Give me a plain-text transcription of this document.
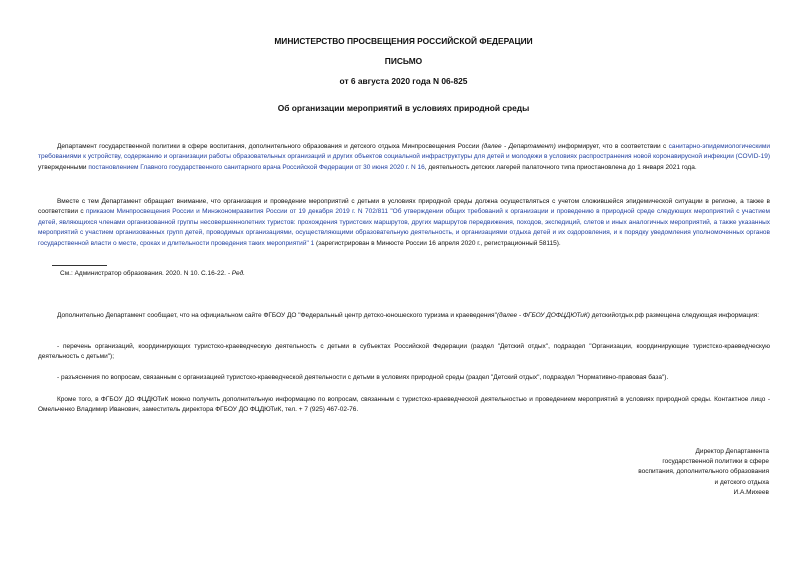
МИНИСТЕРСТВО ПРОСВЕЩЕНИЯ РОССИЙСКОЙ ФЕДЕРАЦИИ
ПИСЬМО
от 6 августа 2020 года N 06-825
Об организации мероприятий в условиях природной среды

Департамент государственной политики в сфере воспитания, дополнительного образования и детского отдыха Минпросвещения России (далее - Департамент) информирует, что в соответствии с санитарно-эпидемиологическими требованиями к устройству, содержанию и организации работы образовательных организаций и других объектов социальной инфраструктуры для детей и молодежи в условиях распространения новой коронавирусной инфекции (COVID-19) утвержденными постановлением Главного государственного санитарного врача Российской Федерации от 30 июня 2020 г. N 16, деятельность детских лагерей палаточного типа приостановлена до 1 января 2021 года.

Вместе с тем Департамент обращает внимание, что организация и проведение мероприятий с детьми в условиях природной среды должна осуществляться с учетом сложившейся эпидемической ситуации в регионе, а также в соответствии с приказом Минпросвещения России и Минэкономразвития России от 19 декабря 2019 г. N 702/811 "Об утверждении общих требований к организации и проведению в природной среде следующих мероприятий с участием детей, являющихся членами организованной группы несовершеннолетних туристов: прохождения туристских маршрутов, других маршрутов передвижения, походов, экспедиций, слетов и иных аналогичных мероприятий, а также указанных мероприятий с участием организованных групп детей, проводимых организациями, осуществляющими образовательную деятельность, и организациями отдыха детей и их оздоровления, и к порядку уведомления уполномоченных органов государственной власти о месте, сроках и длительности проведения таких мероприятий" 1 (зарегистрирован в Минюсте России 16 апреля 2020 г., регистрационный 58115).

См.: Администратор образования. 2020. N 10. С.16-22. - Ред.

Дополнительно Департамент сообщает, что на официальном сайте ФГБОУ ДО "Федеральный центр детско-юношеского туризма и краеведения"(далее - ФГБОУ ДОФЦДЮТиК) детскийотдых.рф размещена следующая информация:

- перечень организаций, координирующих туристско-краеведческую деятельность с детьми в субъектах Российской Федерации (раздел "Детский отдых", подраздел "Организации, координирующие туристско-краеведческую деятельность с детьми");

- разъяснения по вопросам, связанным с организацией туристско-краеведческой деятельности с детьми в условиях природной среды (раздел "Детский отдых", подраздел "Нормативно-правовая база").

Кроме того, в ФГБОУ ДО ФЦДЮТиК можно получить дополнительную информацию по вопросам, связанным с туристско-краеведческой деятельностью и проведением мероприятий в условиях природной среды. Контактное лицо - Омельченко Владимир Иванович, заместитель директора ФГБОУ ДО ФЦДЮТиК, тел. + 7 (925) 467-02-76.

Директор Департамента
государственной политики в сфере
воспитания, дополнительного образования
и детского отдыха
И.А.Михеев
